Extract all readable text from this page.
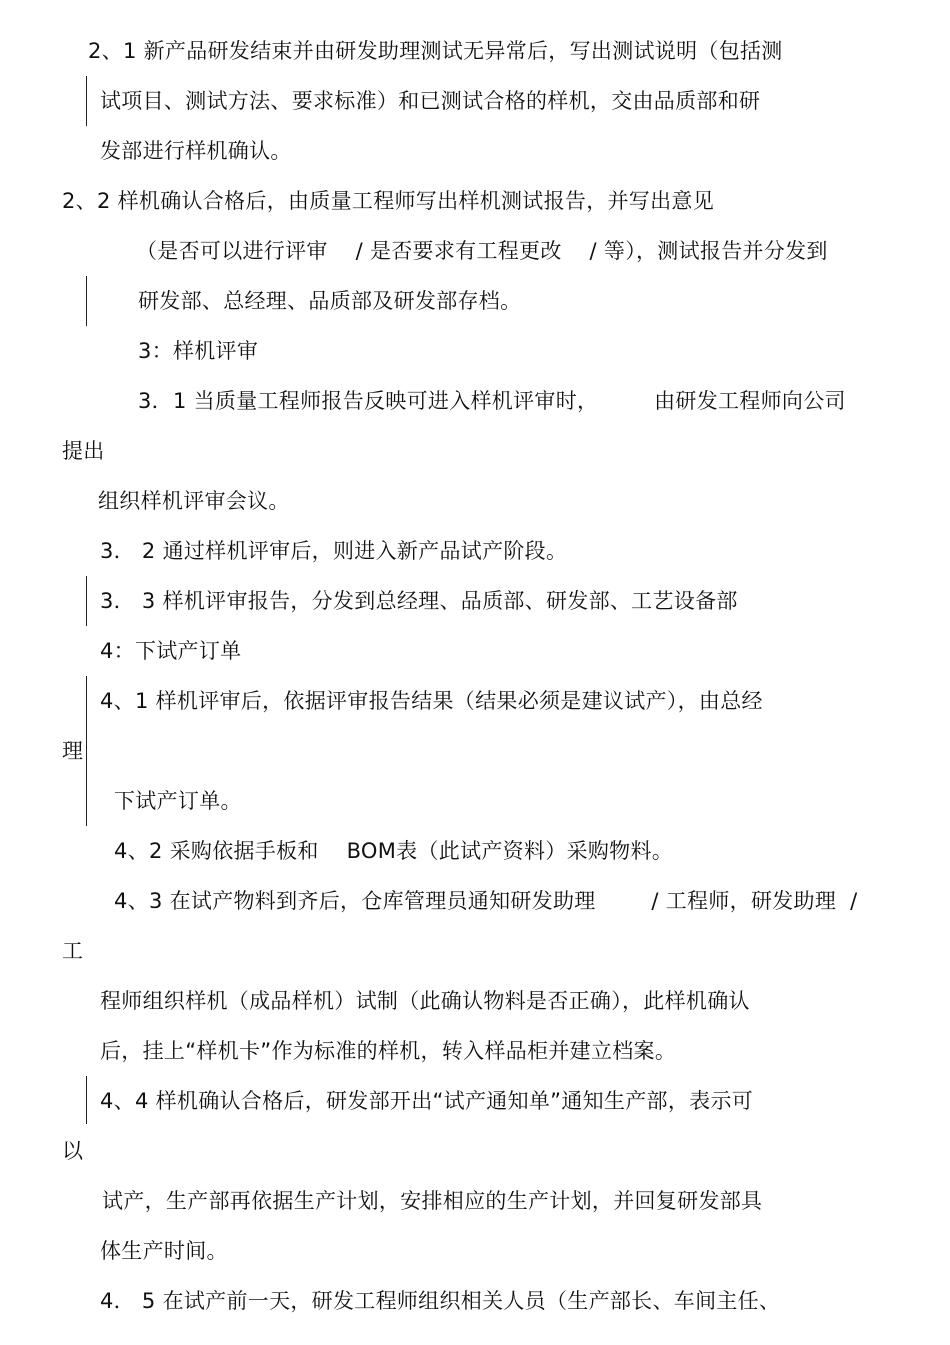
2、1 新产品研发结束并由研发助理测试无异常后，写出测试说明（包括测
试项目、测试方法、要求标准）和已测试合格的样机，交由品质部和研
发部进行样机确认。
2、2 样机确认合格后，由质量工程师写出样机测试报告，并写出意见
（是否可以进行评审    / 是否要求有工程更改    / 等），测试报告并分发到
研发部、总经理、品质部及研发部存档。
3：样机评审
3．1 当质量工程师报告反映可进入样机评审时，        由研发工程师向公司
提出
组织样机评审会议。
3． 2 通过样机评审后，则进入新产品试产阶段。
3． 3 样机评审报告，分发到总经理、品质部、研发部、工艺设备部
4：下试产订单
4、1 样机评审后，依据评审报告结果（结果必须是建议试产），由总经
理
下试产订单。
4、2 采购依据手板和    BOM表（此试产资料）采购物料。
4、3 在试产物料到齐后，仓库管理员通知研发助理        / 工程师，研发助理  /
工
程师组织样机（成品样机）试制（此确认物料是否正确），此样机确认
后，挂上“样机卡”作为标准的样机，转入样品柜并建立档案。
4、4 样机确认合格后，研发部开出“试产通知单”通知生产部，表示可
以
试产，生产部再依据生产计划，安排相应的生产计划，并回复研发部具
体生产时间。
4． 5 在试产前一天，研发工程师组织相关人员（生产部长、车间主任、
